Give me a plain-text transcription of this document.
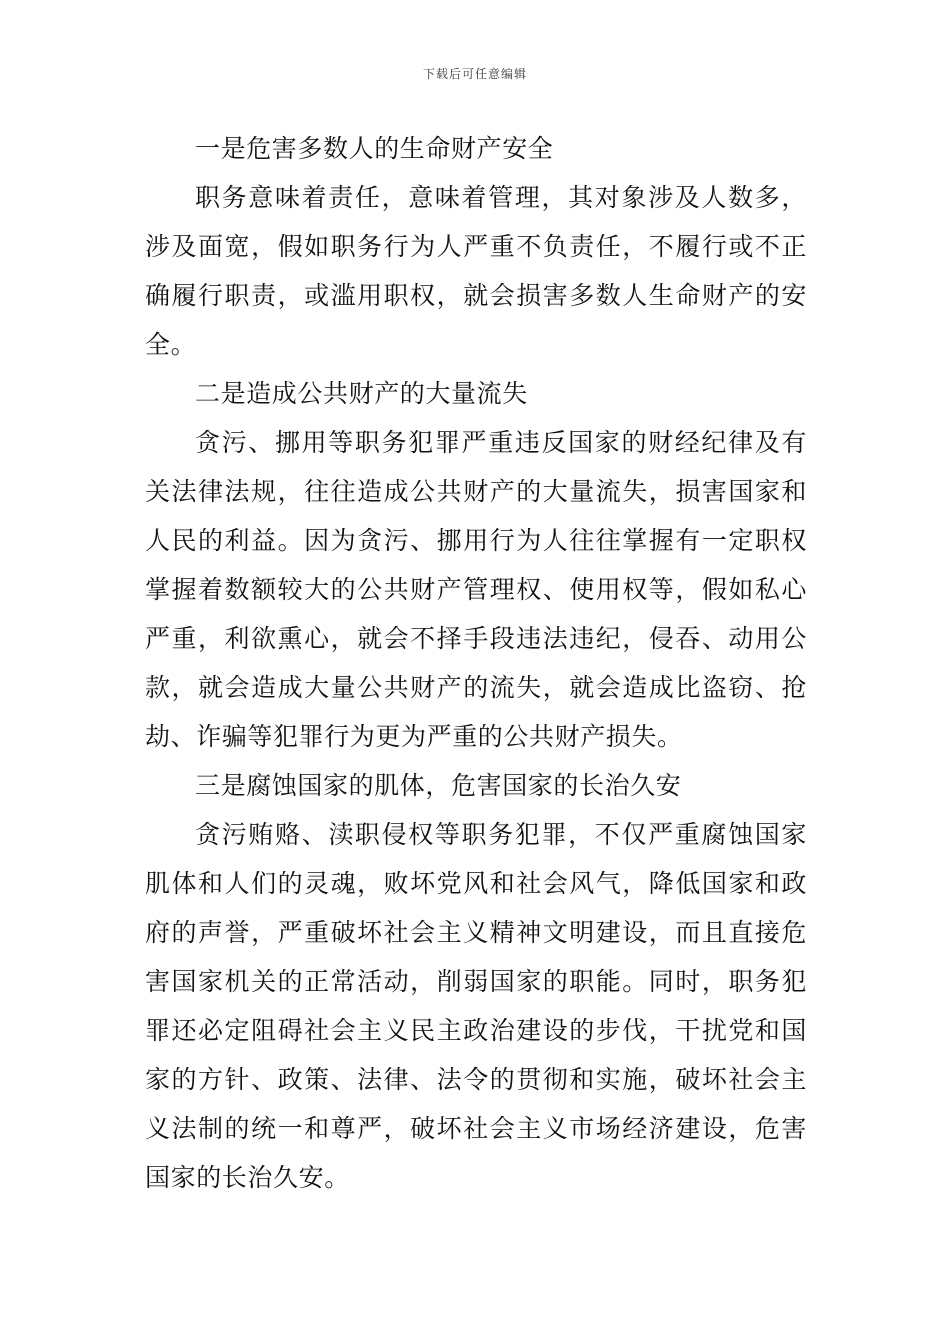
下载后可任意编辑

一是危害多数人的生命财产安全

职务意味着责任，意味着管理，其对象涉及人数多，涉及面宽，假如职务行为人严重不负责任，不履行或不正确履行职责，或滥用职权，就会损害多数人生命财产的安全。

二是造成公共财产的大量流失

贪污、挪用等职务犯罪严重违反国家的财经纪律及有关法律法规，往往造成公共财产的大量流失，损害国家和人民的利益。因为贪污、挪用行为人往往掌握有一定职权掌握着数额较大的公共财产管理权、使用权等，假如私心严重，利欲熏心，就会不择手段违法违纪，侵吞、动用公款，就会造成大量公共财产的流失，就会造成比盗窃、抢劫、诈骗等犯罪行为更为严重的公共财产损失。

三是腐蚀国家的肌体，危害国家的长治久安

贪污贿赂、渎职侵权等职务犯罪，不仅严重腐蚀国家肌体和人们的灵魂，败坏党风和社会风气，降低国家和政府的声誉，严重破坏社会主义精神文明建设，而且直接危害国家机关的正常活动，削弱国家的职能。同时，职务犯罪还必定阻碍社会主义民主政治建设的步伐，干扰党和国家的方针、政策、法律、法令的贯彻和实施，破坏社会主义法制的统一和尊严，破坏社会主义市场经济建设，危害国家的长治久安。
